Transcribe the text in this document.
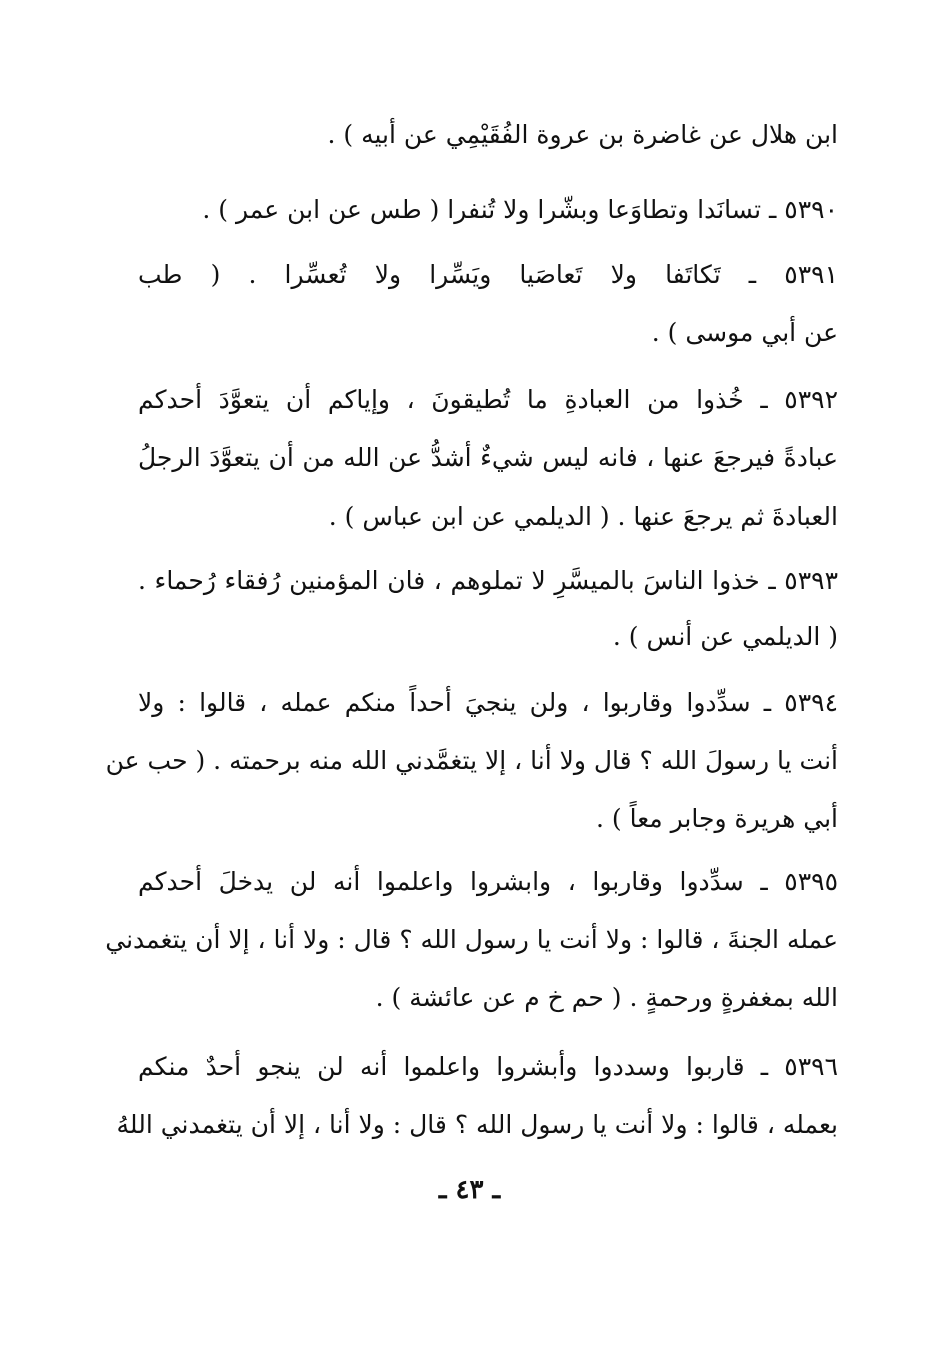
ابن هلال عن غاضرة بن عروة الفُقَيْمِي عن أبيه ) .
٥٣٩٠ ـ تسانَدا وتطاوَعا وبشّرا ولا تُنفرا ( طس عن ابن عمر ) .
٥٣٩١ ـ تَكاتَفا ولا تَعاصَيا ويَسِّرا ولا تُعسِّرا . ( طب
عن أبي موسى ) .
٥٣٩٢ ـ خُذوا من العبادةِ ما تُطيقونَ ، وإياكم أن يتعوَّدَ أحدكم
عبادةً فيرجعَ عنها ، فانه ليس شيءٌ أشدُّ عن الله من أن يتعوَّدَ الرجلُ
العبادةَ ثم يرجعَ عنها . ( الديلمي عن ابن عباس ) .
٥٣٩٣ ـ خذوا الناسَ بالميسَّرِ لا تملوهم ، فان المؤمنين رُفقاء رُحماء .
( الديلمي عن أنس ) .
٥٣٩٤ ـ سدِّدوا وقاربوا ، ولن ينجيَ أحداً منكم عمله ، قالوا : ولا
أنت يا رسولَ الله ؟ قال ولا أنا ، إلا يتغمَّدني الله منه برحمته . ( حب عن
أبي هريرة وجابر معاً ) .
٥٣٩٥ ـ سدِّدوا وقاربوا ، وابشروا واعلموا أنه لن يدخلَ أحدكم
عمله الجنةَ ، قالوا : ولا أنت يا رسول الله ؟ قال : ولا أنا ، إلا أن يتغمدني
الله بمغفرةٍ ورحمةٍ . ( حم خ م عن عائشة ) .
٥٣٩٦ ـ قاربوا وسددوا وأبشروا واعلموا أنه لن ينجو أحدٌ منكم
بعمله ، قالوا : ولا أنت يا رسول الله ؟ قال : ولا أنا ، إلا أن يتغمدني اللهُ
ـ ٤٣ ـ
